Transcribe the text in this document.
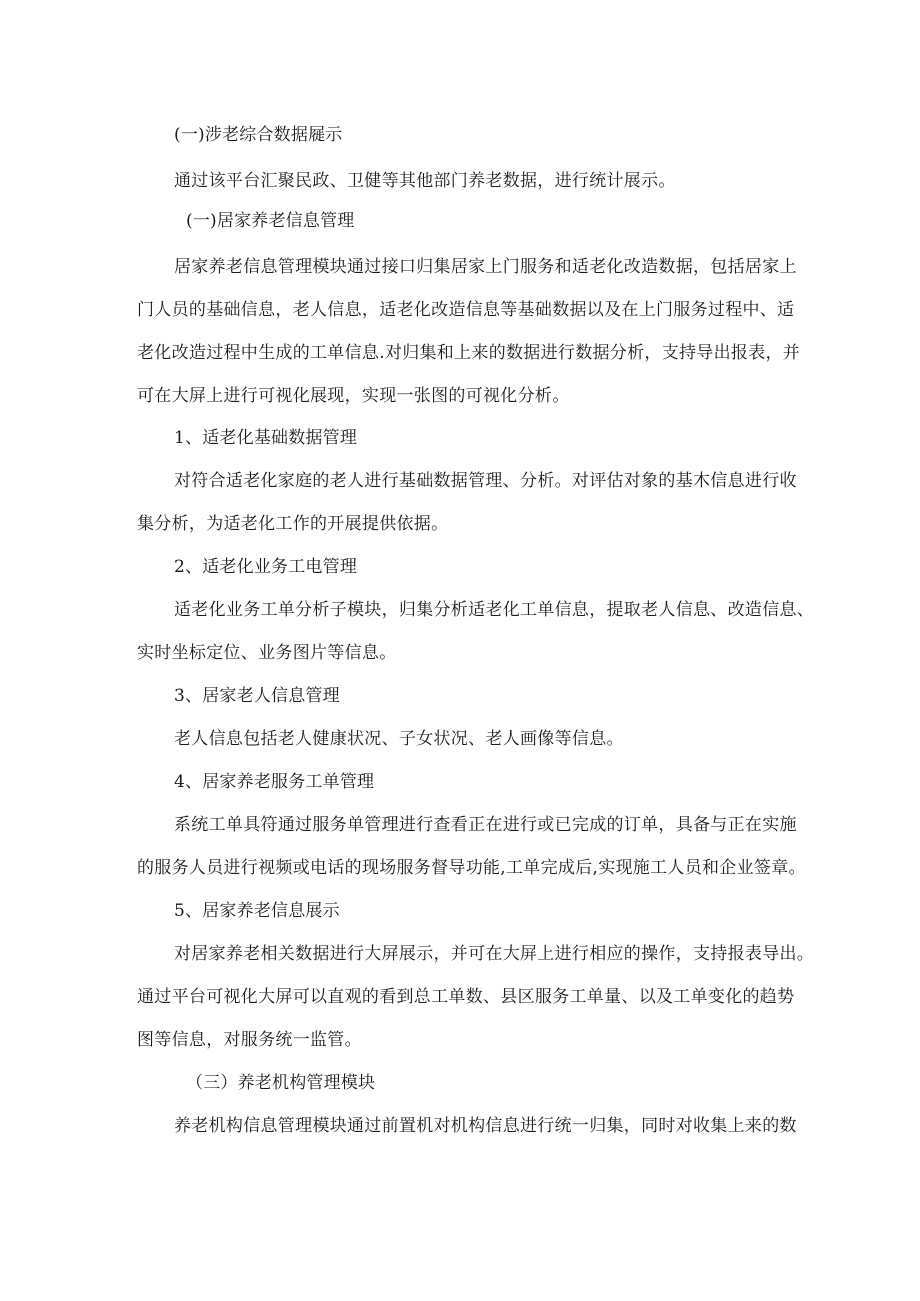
(一)涉老综合数据屣示
通过该平台汇聚民政、卫健等其他部门养老数据，进行统计展示。
(一)居家养老信息管理
居家养老信息管理模块通过接口归集居家上门服务和适老化改造数据，包括居家上
门人员的基础信息，老人信息，适老化改造信息等基础数据以及在上门服务过程中、适
老化改造过程中生成的工单信息.对归集和上来的数据进行数据分析，支持导出报表，并
可在大屏上进行可视化展现，实现一张图的可视化分析。
1、适老化基础数据管理
对符合适老化家庭的老人进行基础数据管理、分析。对评估对象的基木信息进行收
集分析，为适老化工作的开展提供依据。
2、适老化业务工电管理
适老化业务工单分析子模块，归集分析适老化工单信息，提取老人信息、改造信息、
实时坐标定位、业务图片等信息。
3、居家老人信息管理
老人信息包括老人健康状况、子女状况、老人画像等信息。
4、居家养老服务工单管理
系统工单具符通过服务单管理进行查看正在进行或已完成的订单，具备与正在实施
的服务人员进行视频或电话的现场服务督导功能,工单完成后,实现施工人员和企业签章。
5、居家养老信息展示
对居家养老相关数据进行大屏展示，并可在大屏上进行相应的操作，支持报表导出。
通过平台可视化大屏可以直观的看到总工单数、县区服务工单量、以及工单变化的趋势
图等信息，对服务统一监管。
（三）养老机构管理模块
养老机构信息管理模块通过前置机对机构信息进行统一归集，同时对收集上来的数
